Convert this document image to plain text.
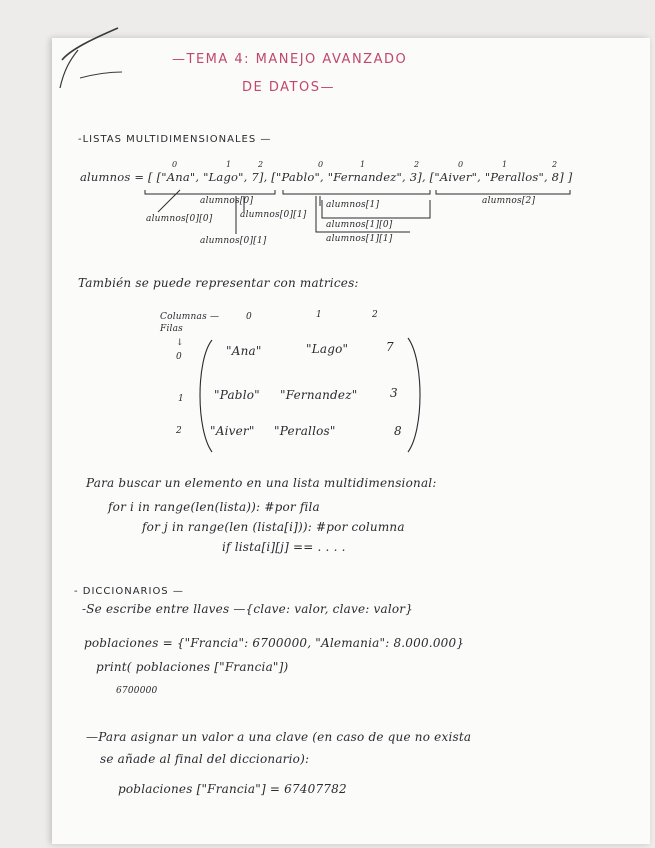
—TEMA 4: MANEJO AVANZADO
DE DATOS—
-LISTAS MULTIDIMENSIONALES —
0	1	2	0	1	2	0	1	2
alumnos = [ ["Ana", "Lago", 7], ["Pablo", "Fernandez", 3], ["Aiver", "Perallos", 8] ]
alumnos[0]
alumnos[0][0]	alumnos[0][1]
alumnos[0][1]
alumnos[1]
alumnos[1][0]
alumnos[1][1]
alumnos[2]
También se puede representar con matrices:
Columnas —
Filas
0	1	2
↓
0
1
2
"Ana"	"Lago"	7
"Pablo" "Fernandez"	3
"Aiver" "Perallos"	8
Para buscar un elemento en una lista multidimensional:
for i in range(len(lista)): #por fila
for j in range(len (lista[i])): #por columna
if lista[i][j] == . . . .
- DICCIONARIOS —
-Se escribe entre llaves —{clave: valor, clave: valor}
poblaciones = {"Francia": 6700000, "Alemania": 8.000.000}
print( poblaciones ["Francia"])
6700000
—Para asignar un valor a una clave (en caso de que no exista
se añade al final del diccionario):
poblaciones ["Francia"] = 67407782
